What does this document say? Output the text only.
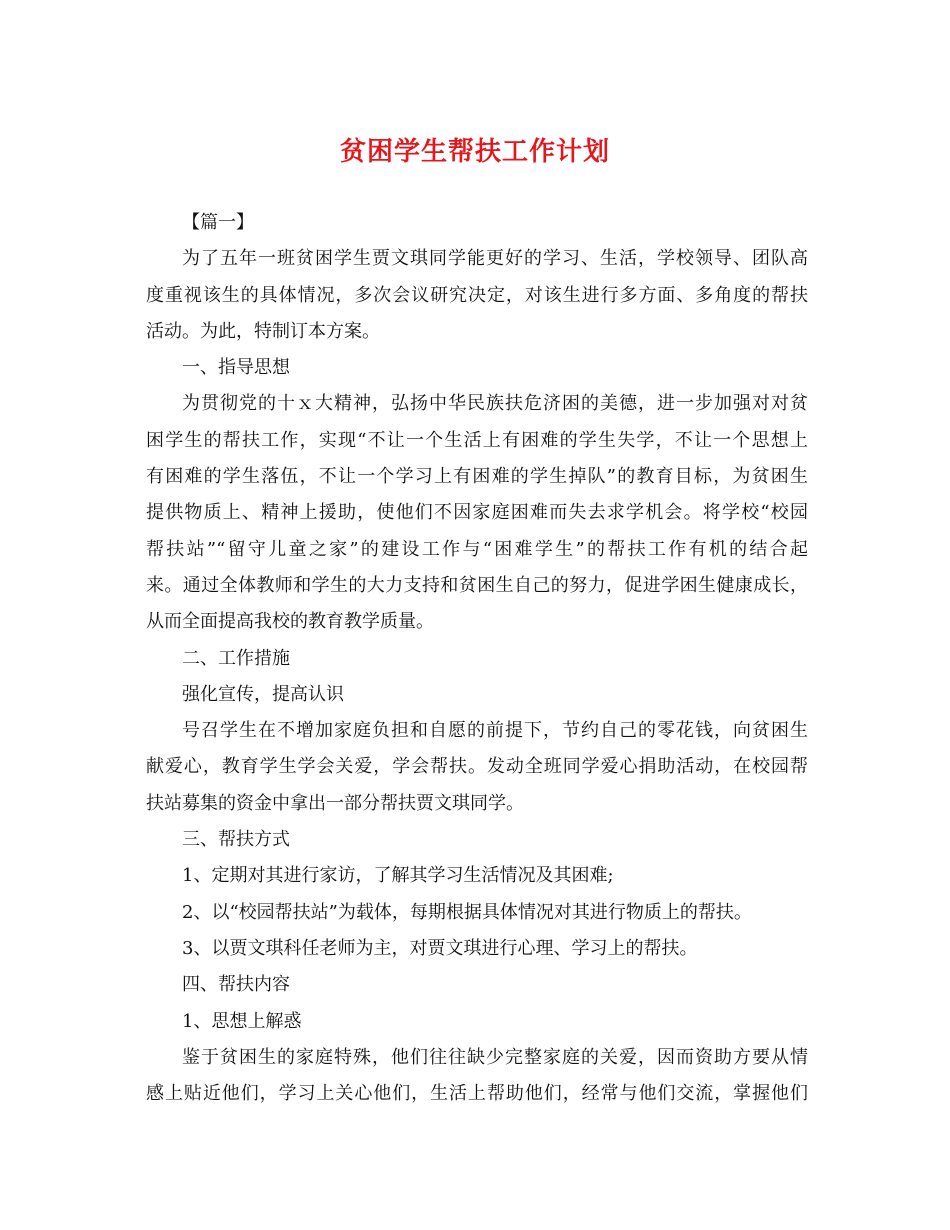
贫困学生帮扶工作计划
【篇一】
为了五年一班贫困学生贾文琪同学能更好的学习、生活，学校领导、团队高
度重视该生的具体情况，多次会议研究决定，对该生进行多方面、多角度的帮扶
活动。为此，特制订本方案。
一、指导思想
为贯彻党的十ｘ大精神，弘扬中华民族扶危济困的美德，进一步加强对对贫
困学生的帮扶工作，实现“不让一个生活上有困难的学生失学，不让一个思想上
有困难的学生落伍，不让一个学习上有困难的学生掉队”的教育目标，为贫困生
提供物质上、精神上援助，使他们不因家庭困难而失去求学机会。将学校“校园
帮扶站”“留守儿童之家”的建设工作与“困难学生”的帮扶工作有机的结合起
来。通过全体教师和学生的大力支持和贫困生自己的努力，促进学困生健康成长，
从而全面提高我校的教育教学质量。
二、工作措施
强化宣传，提高认识
号召学生在不增加家庭负担和自愿的前提下，节约自己的零花钱，向贫困生
献爱心，教育学生学会关爱，学会帮扶。发动全班同学爱心捐助活动，在校园帮
扶站募集的资金中拿出一部分帮扶贾文琪同学。
三、帮扶方式
1、定期对其进行家访，了解其学习生活情况及其困难;
2、以“校园帮扶站”为载体，每期根据具体情况对其进行物质上的帮扶。
3、以贾文琪科任老师为主，对贾文琪进行心理、学习上的帮扶。
四、帮扶内容
1、思想上解惑
鉴于贫困生的家庭特殊，他们往往缺少完整家庭的关爱，因而资助方要从情
感上贴近他们，学习上关心他们，生活上帮助他们，经常与他们交流，掌握他们
